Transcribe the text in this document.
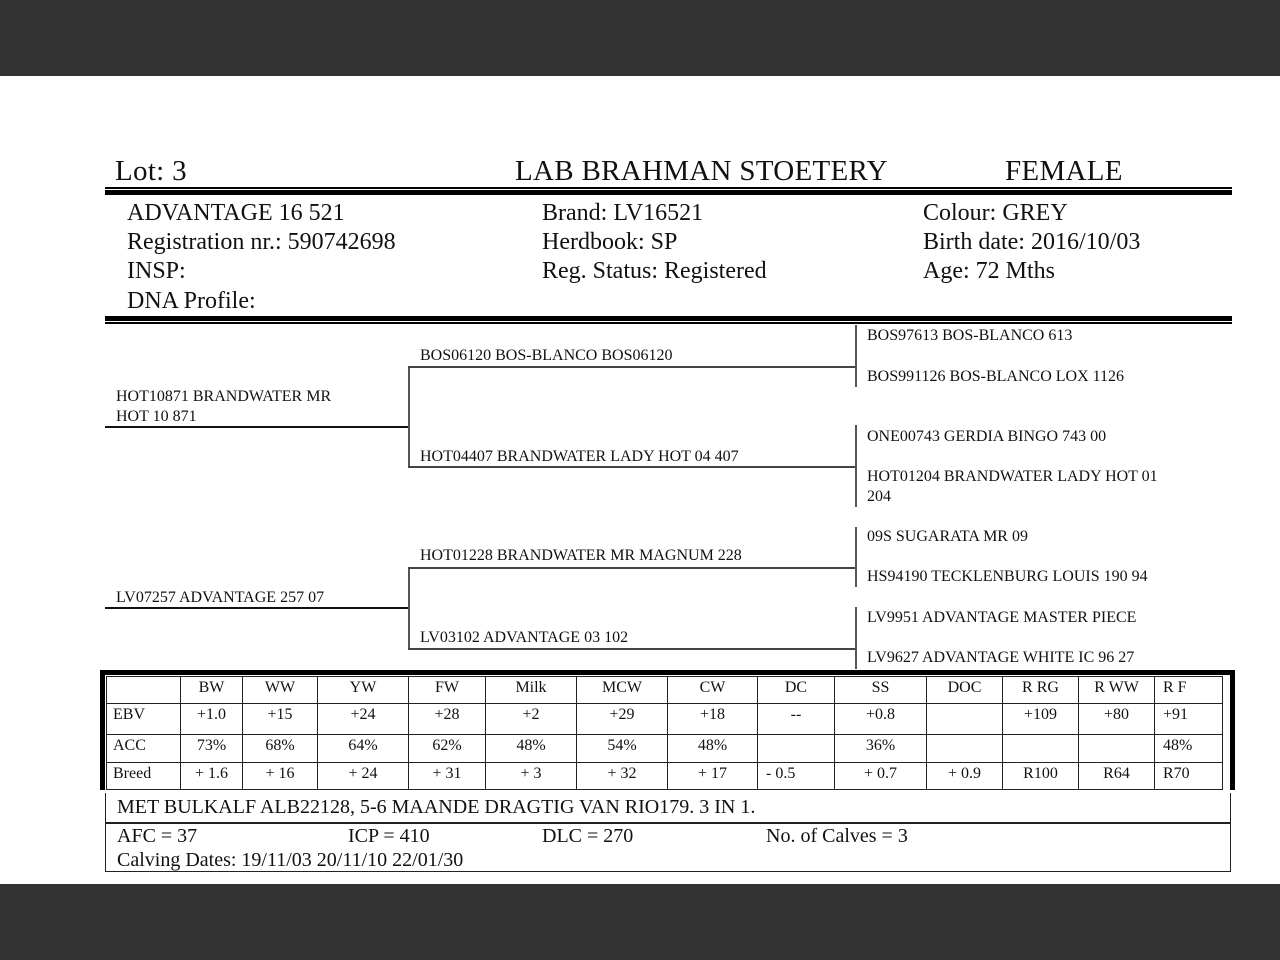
Lot: 3	LAB BRAHMAN STOETERY	FEMALE
ADVANTAGE 16 521
Registration nr.: 590742698
INSP:
DNA Profile:
Brand: LV16521
Herdbook: SP
Reg. Status: Registered
Colour: GREY
Birth date: 2016/10/03
Age: 72 Mths
HOT10871 BRANDWATER MR
HOT 10 871
LV07257 ADVANTAGE 257 07
BOS06120 BOS-BLANCO BOS06120
HOT04407 BRANDWATER LADY HOT 04 407
HOT01228 BRANDWATER MR MAGNUM 228
LV03102 ADVANTAGE 03 102
BOS97613 BOS-BLANCO 613
BOS991126 BOS-BLANCO LOX 1126
ONE00743 GERDIA BINGO 743 00
HOT01204 BRANDWATER LADY HOT 01
204
09S SUGARATA MR 09
HS94190 TECKLENBURG LOUIS 190 94
LV9951 ADVANTAGE MASTER PIECE
LV9627 ADVANTAGE WHITE IC 96 27
	BW	WW	YW	FW	Milk	MCW	CW	DC	SS	DOC	R RG	R WW	R F
EBV	+1.0	+15	+24	+28	+2	+29	+18	--	+0.8		+109	+80	+91
ACC	73%	68%	64%	62%	48%	54%	48%		36%				48%
Breed	+ 1.6	+ 16	+ 24	+ 31	+ 3	+ 32	+ 17	- 0.5	+ 0.7	+ 0.9	R100	R64	R70
MET BULKALF ALB22128, 5-6 MAANDE DRAGTIG VAN RIO179. 3 IN 1.
AFC = 37	ICP = 410	DLC = 270	No. of Calves = 3
Calving Dates: 19/11/03 20/11/10 22/01/30
